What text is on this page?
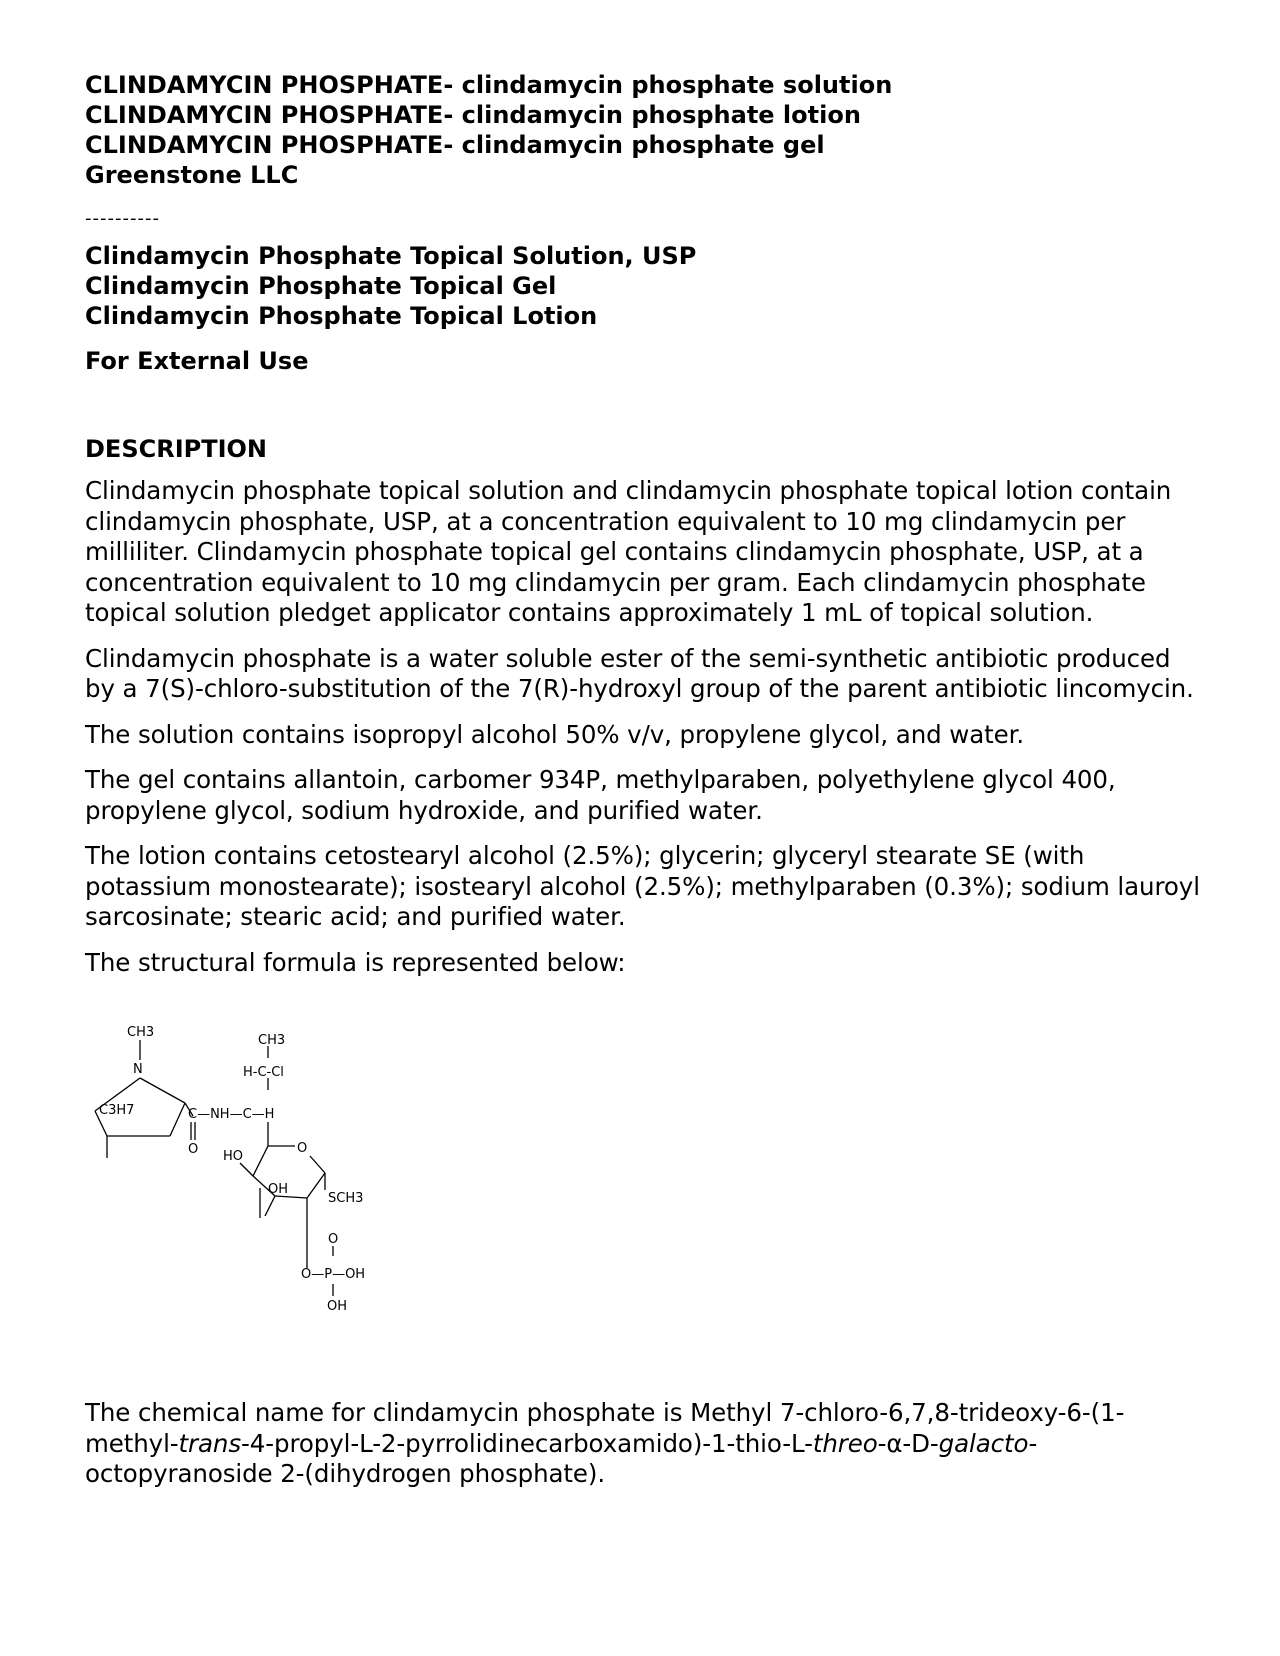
CLINDAMYCIN PHOSPHATE- clindamycin phosphate solution

CLINDAMYCIN PHOSPHATE- clindamycin phosphate lotion

CLINDAMYCIN PHOSPHATE- clindamycin phosphate gel

Greenstone LLC

----------

Clindamycin Phosphate Topical Solution, USP

Clindamycin Phosphate Topical Gel

Clindamycin Phosphate Topical Lotion

For External Use

DESCRIPTION

Clindamycin phosphate topical solution and clindamycin phosphate topical lotion contain clindamycin phosphate, USP, at a concentration equivalent to 10 mg clindamycin per milliliter. Clindamycin phosphate topical gel contains clindamycin phosphate, USP, at a concentration equivalent to 10 mg clindamycin per gram. Each clindamycin phosphate topical solution pledget applicator contains approximately 1 mL of topical solution.

Clindamycin phosphate is a water soluble ester of the semi-synthetic antibiotic produced by a 7(S)-chloro-substitution of the 7(R)-hydroxyl group of the parent antibiotic lincomycin.

The solution contains isopropyl alcohol 50% v/v, propylene glycol, and water.

The gel contains allantoin, carbomer 934P, methylparaben, polyethylene glycol 400, propylene glycol, sodium hydroxide, and purified water.

The lotion contains cetostearyl alcohol (2.5%); glycerin; glyceryl stearate SE (with potassium monostearate); isostearyl alcohol (2.5%); methylparaben (0.3%); sodium lauroyl sarcosinate; stearic acid; and purified water.

The structural formula is represented below:

CH3
N
C3H7
CH3
H-C-Cl
C—NH—C—H
O HO
O
OH
SCH3
O
O—P—OH
OH

The chemical name for clindamycin phosphate is Methyl 7-chloro-6,7,8-trideoxy-6-(1-methyl-trans-4-propyl-L-2-pyrrolidinecarboxamido)-1-thio-L-threo-α-D-galacto-octopyranoside 2-(dihydrogen phosphate).
